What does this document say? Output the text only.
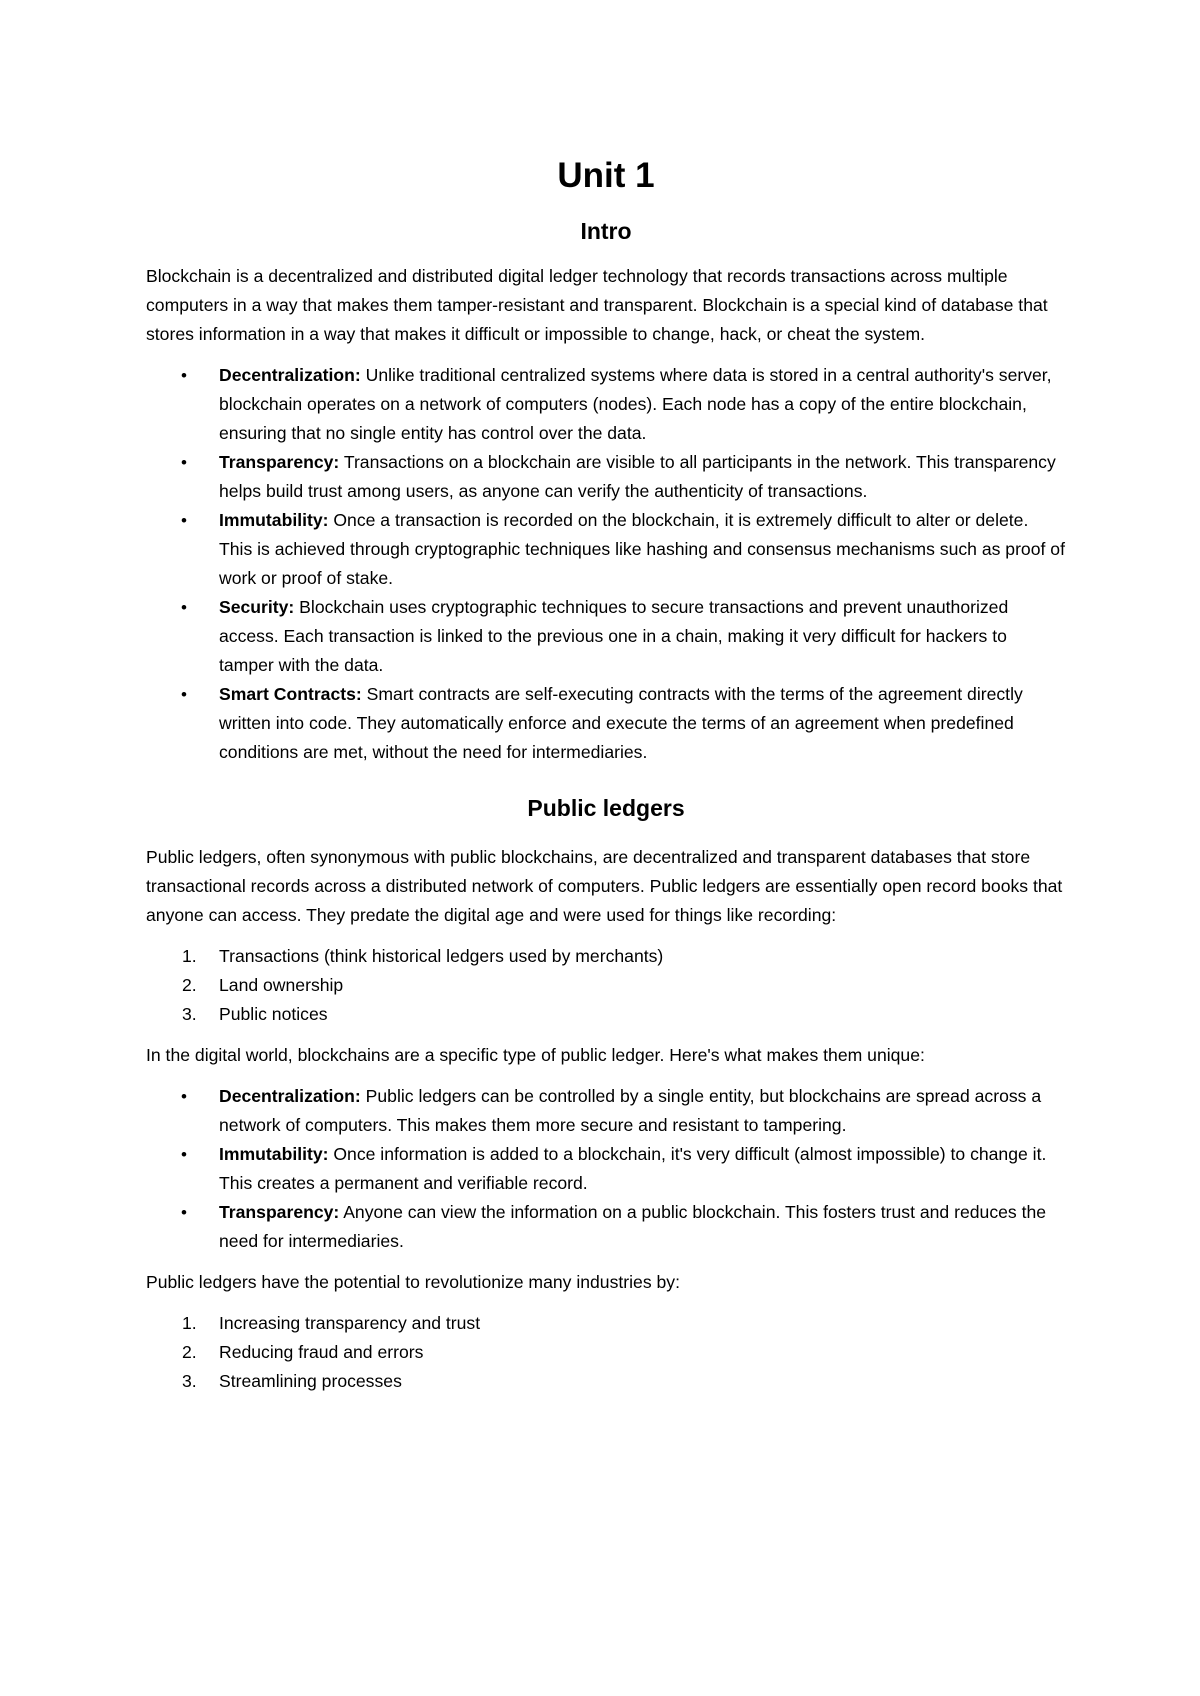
Unit 1
Intro

Blockchain is a decentralized and distributed digital ledger technology that records transactions across multiple computers in a way that makes them tamper-resistant and transparent. Blockchain is a special kind of database that stores information in a way that makes it difficult or impossible to change, hack, or cheat the system.

• Decentralization: Unlike traditional centralized systems where data is stored in a central authority's server, blockchain operates on a network of computers (nodes). Each node has a copy of the entire blockchain, ensuring that no single entity has control over the data.
• Transparency: Transactions on a blockchain are visible to all participants in the network. This transparency helps build trust among users, as anyone can verify the authenticity of transactions.
• Immutability: Once a transaction is recorded on the blockchain, it is extremely difficult to alter or delete. This is achieved through cryptographic techniques like hashing and consensus mechanisms such as proof of work or proof of stake.
• Security: Blockchain uses cryptographic techniques to secure transactions and prevent unauthorized access. Each transaction is linked to the previous one in a chain, making it very difficult for hackers to tamper with the data.
• Smart Contracts: Smart contracts are self-executing contracts with the terms of the agreement directly written into code. They automatically enforce and execute the terms of an agreement when predefined conditions are met, without the need for intermediaries.
Public ledgers

Public ledgers, often synonymous with public blockchains, are decentralized and transparent databases that store transactional records across a distributed network of computers. Public ledgers are essentially open record books that anyone can access. They predate the digital age and were used for things like recording:

1. Transactions (think historical ledgers used by merchants)
2. Land ownership
3. Public notices

In the digital world, blockchains are a specific type of public ledger. Here's what makes them unique:

• Decentralization: Public ledgers can be controlled by a single entity, but blockchains are spread across a network of computers. This makes them more secure and resistant to tampering.
• Immutability: Once information is added to a blockchain, it's very difficult (almost impossible) to change it. This creates a permanent and verifiable record.
• Transparency: Anyone can view the information on a public blockchain. This fosters trust and reduces the need for intermediaries.

Public ledgers have the potential to revolutionize many industries by:

1. Increasing transparency and trust
2. Reducing fraud and errors
3. Streamlining processes
